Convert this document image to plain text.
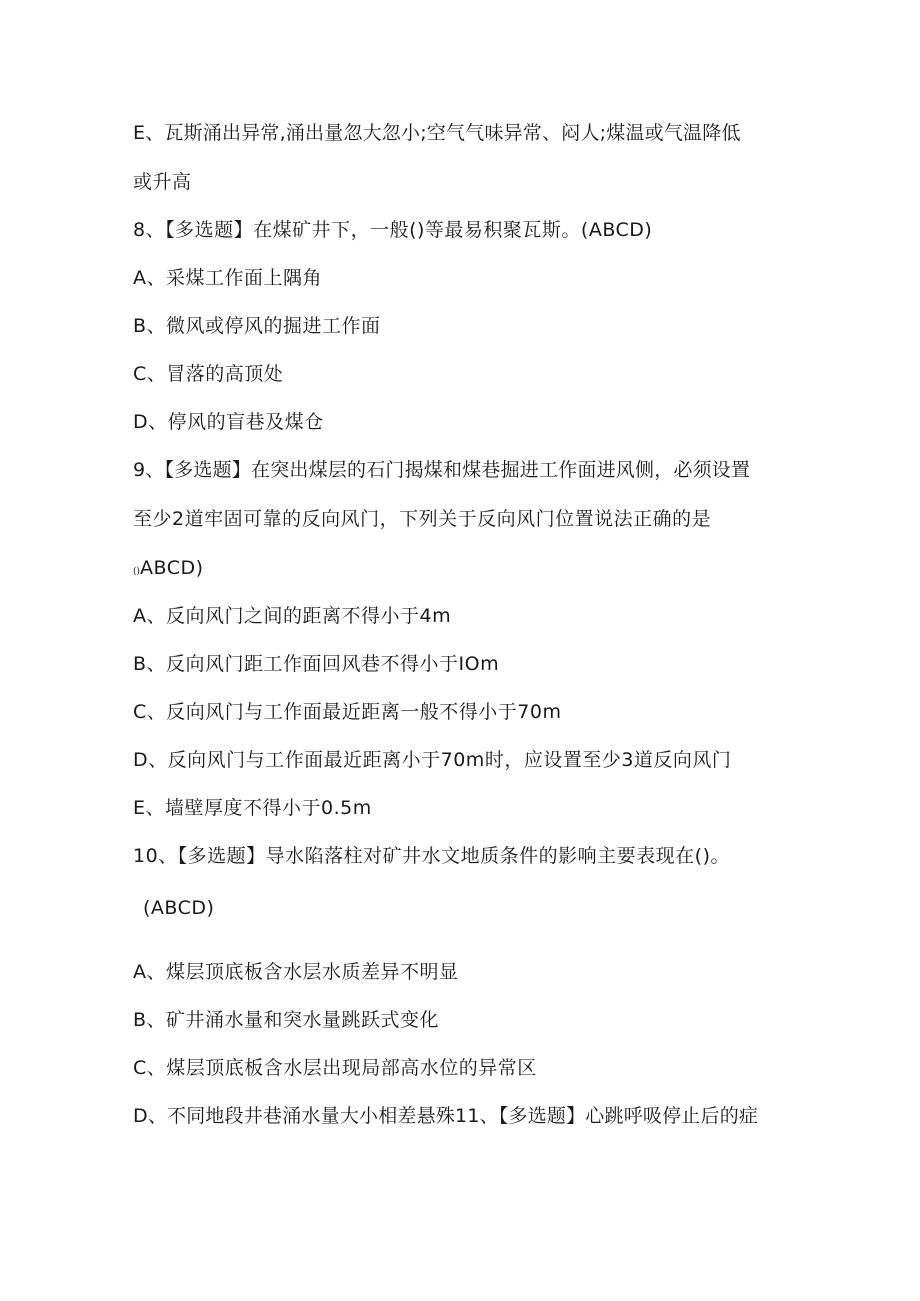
E、瓦斯涌出异常,涌出量忽大忽小;空气气味异常、闷人;煤温或气温降低
或升高
8、【多选题】在煤矿井下，一般()等最易积聚瓦斯。(ABCD)
A、采煤工作面上隅角
B、微风或停风的掘进工作面
C、冒落的高顶处
D、停风的盲巷及煤仓
9、【多选题】在突出煤层的石门揭煤和煤巷掘进工作面进风侧，必须设置
至少2道牢固可靠的反向风门，下列关于反向风门位置说法正确的是
()ABCD)
A、反向风门之间的距离不得小于4m
B、反向风门距工作面回风巷不得小于IOm
C、反向风门与工作面最近距离一般不得小于70m
D、反向风门与工作面最近距离小于70m时，应设置至少3道反向风门
E、墙壁厚度不得小于0.5m
10、【多选题】导水陷落柱对矿井水文地质条件的影响主要表现在()。
(ABCD)
A、煤层顶底板含水层水质差异不明显
B、矿井涌水量和突水量跳跃式变化
C、煤层顶底板含水层出现局部高水位的异常区
D、不同地段井巷涌水量大小相差悬殊11、【多选题】心跳呼吸停止后的症
